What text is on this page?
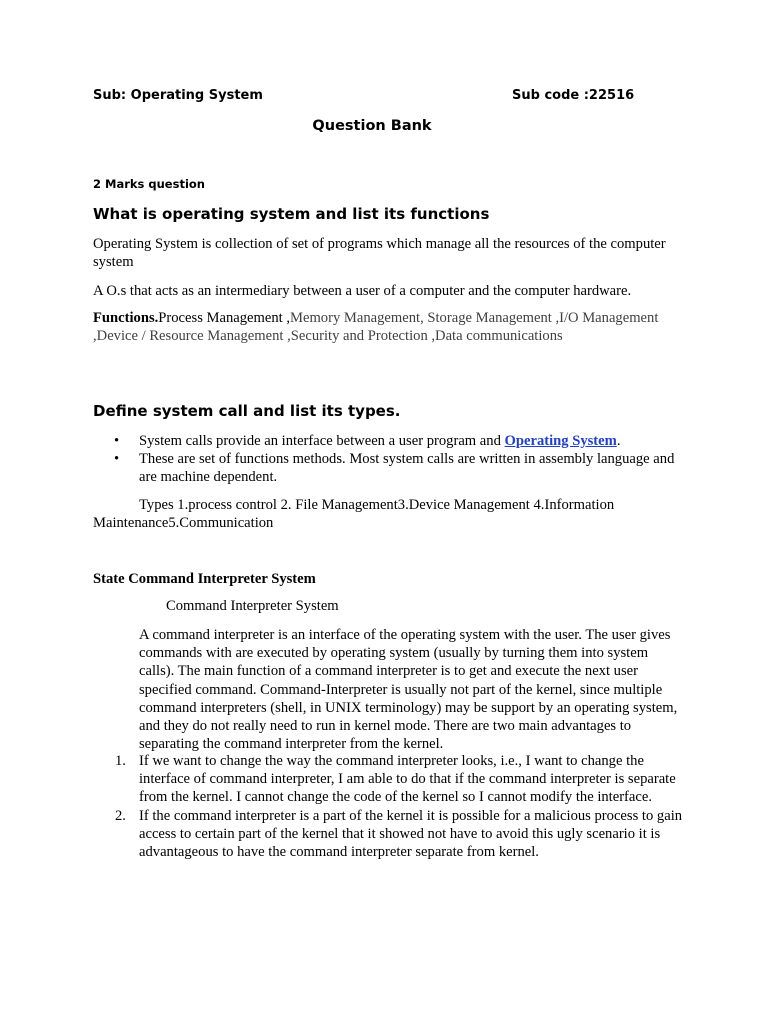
Sub: Operating System	Sub code :22516
Question Bank
2 Marks question
What is operating system and list its functions

Operating System is collection of set of programs which manage all the resources of the computer system

A O.s that acts as an intermediary between a user of a computer and the computer hardware.

Functions.Process Management ,Memory Management, Storage Management ,I/O Management ,Device / Resource Management ,Security and Protection ,Data communications

Define system call and list its types.
• System calls provide an interface between a user program and Operating System.
• These are set of functions methods. Most system calls are written in assembly language and are machine dependent.

Types 1.process control 2. File Management3.Device Management 4.Information Maintenance5.Communication

State Command Interpreter System
Command Interpreter System

A command interpreter is an interface of the operating system with the user. The user gives commands with are executed by operating system (usually by turning them into system calls). The main function of a command interpreter is to get and execute the next user specified command. Command-Interpreter is usually not part of the kernel, since multiple command interpreters (shell, in UNIX terminology) may be support by an operating system, and they do not really need to run in kernel mode. There are two main advantages to separating the command interpreter from the kernel.

1. If we want to change the way the command interpreter looks, i.e., I want to change the interface of command interpreter, I am able to do that if the command interpreter is separate from the kernel. I cannot change the code of the kernel so I cannot modify the interface.
2. If the command interpreter is a part of the kernel it is possible for a malicious process to gain access to certain part of the kernel that it showed not have to avoid this ugly scenario it is advantageous to have the command interpreter separate from kernel.
